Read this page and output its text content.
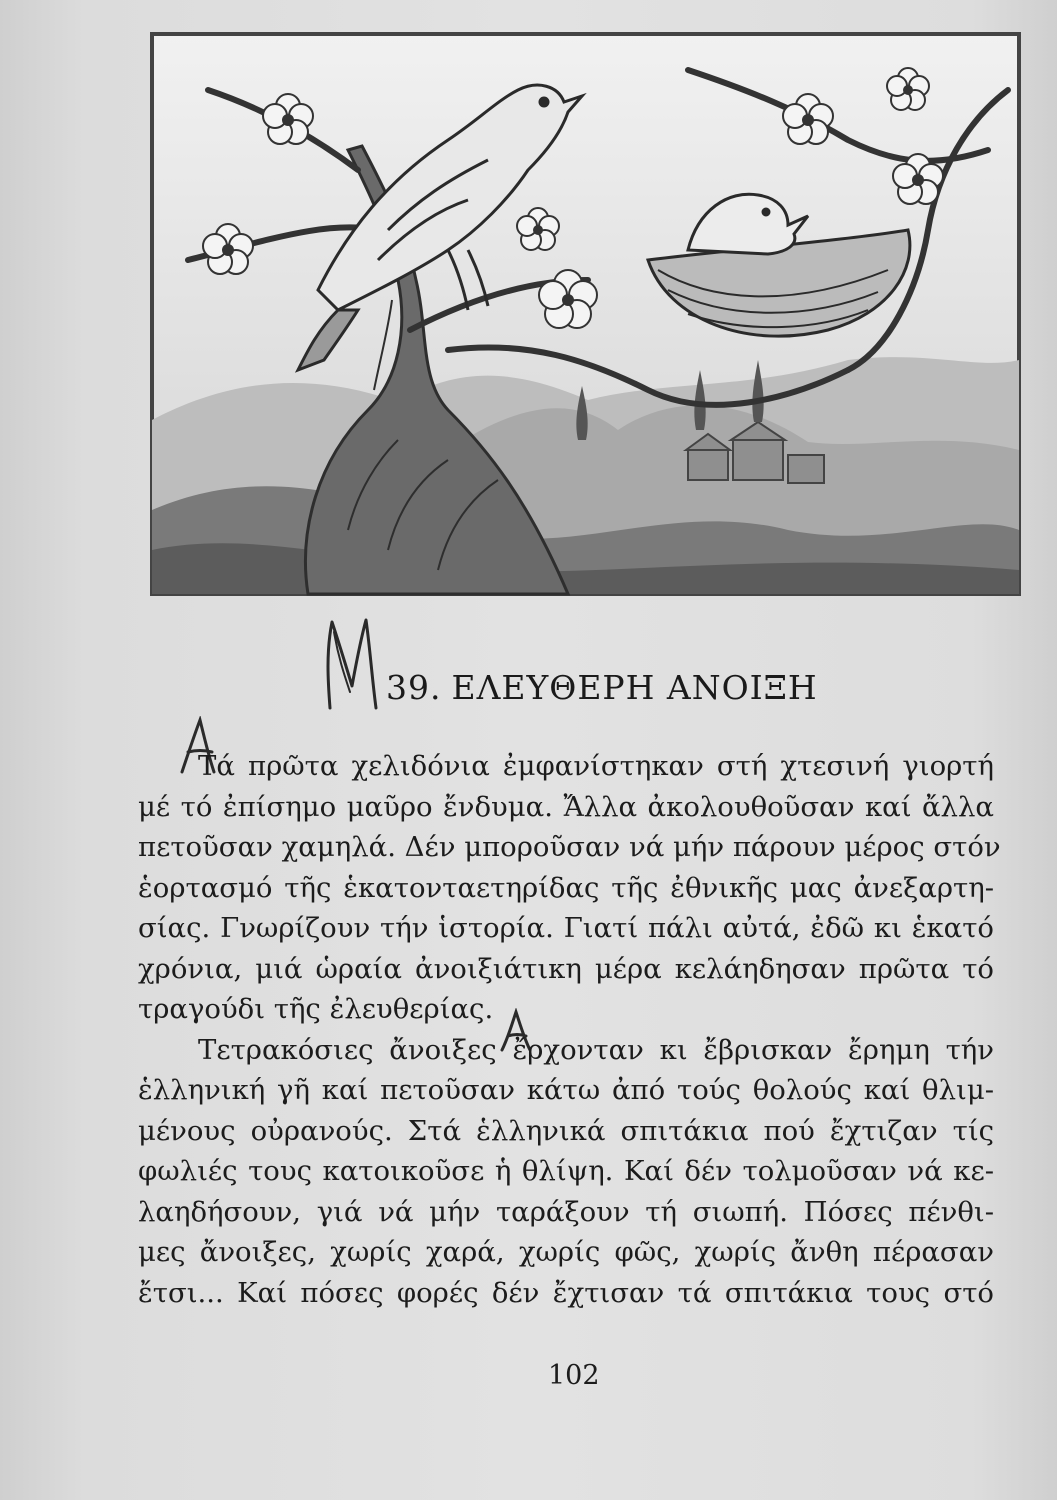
39. ΕΛΕΥΘΕΡΗ ΑΝΟΙΞΗ
Τά πρῶτα χελιδόνια ἐμφανίστηκαν στή χτεσινή γιορτή
μέ τό ἐπίσημο μαῦρο ἔνδυμα. Ἄλλα ἀκολουθοῦσαν καί ἄλλα
πετοῦσαν χαμηλά. Δέν μποροῦσαν νά μήν πάρουν μέρος στόν
ἑορτασμό τῆς ἑκατονταετηρίδας τῆς ἐθνικῆς μας ἀνεξαρτη-
σίας. Γνωρίζουν τήν ἱστορία. Γιατί πάλι αὐτά, ἐδῶ κι ἑκατό
χρόνια, μιά ὡραία ἀνοιξιάτικη μέρα κελάηδησαν πρῶτα τό
τραγούδι τῆς ἐλευθερίας.
Τετρακόσιες ἄνοιξες ἔρχονταν κι ἔβρισκαν ἔρημη τήν
ἑλληνική γῆ καί πετοῦσαν κάτω ἀπό τούς θολούς καί θλιμ-
μένους οὐρανούς. Στά ἑλληνικά σπιτάκια πού ἔχτιζαν τίς
φωλιές τους κατοικοῦσε ἡ θλίψη. Καί δέν τολμοῦσαν νά κε-
λαηδήσουν, γιά νά μήν ταράξουν τή σιωπή. Πόσες πένθι-
μες ἄνοιξες, χωρίς χαρά, χωρίς φῶς, χωρίς ἄνθη πέρασαν
ἔτσι... Καί πόσες φορές δέν ἔχτισαν τά σπιτάκια τους στό
102
